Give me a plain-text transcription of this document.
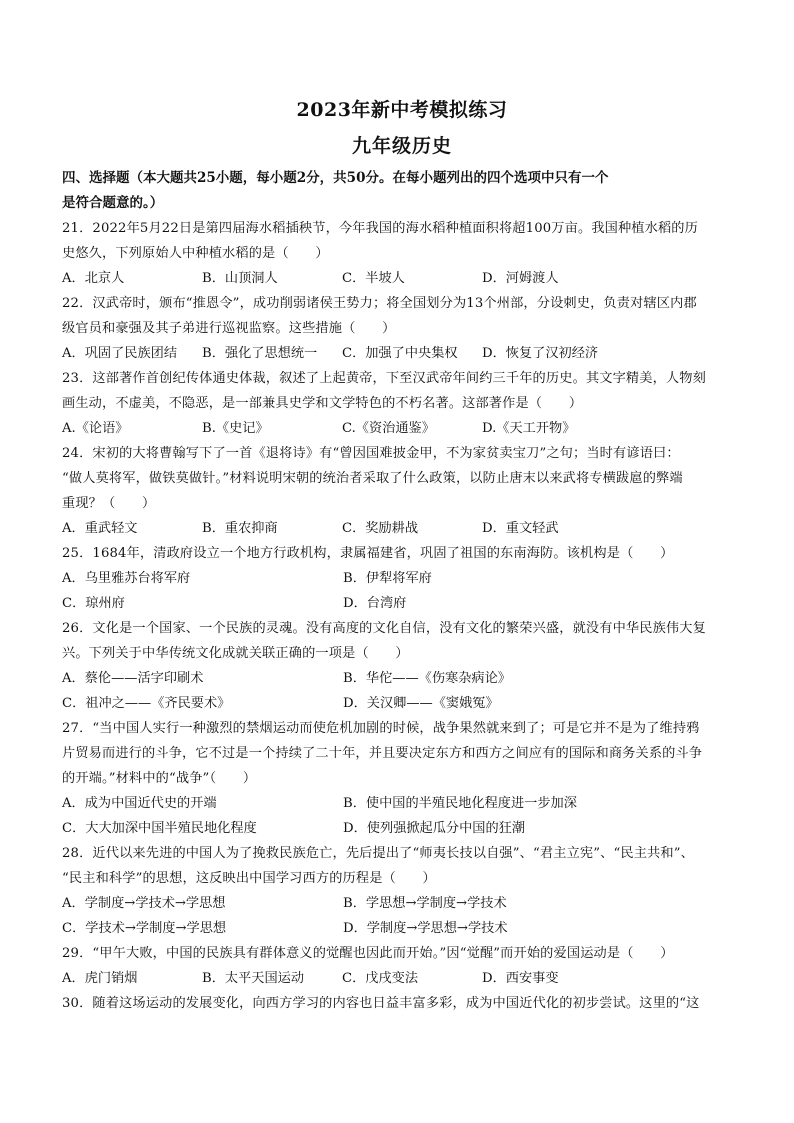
2023年新中考模拟练习
九年级历史
四、选择题（本大题共25小题，每小题2分，共50分。在每小题列出的四个选项中只有一个
是符合题意的。）
21．2022年5月22日是第四届海水稻插秧节，今年我国的海水稻种植面积将超100万亩。我国种植水稻的历
史悠久，下列原始人中种植水稻的是（　　）
A．北京人	B．山顶洞人	C．半坡人	D．河姆渡人
22．汉武帝时，颁布“推恩令”，成功削弱诸侯王势力；将全国划分为13个州部，分设刺史，负责对辖区内郡
级官员和豪强及其子弟进行巡视监察。这些措施（　　）
A．巩固了民族团结	B．强化了思想统一	C．加强了中央集权	D．恢复了汉初经济
23．这部著作首创纪传体通史体裁，叙述了上起黄帝，下至汉武帝年间约三千年的历史。其文字精美，人物刻
画生动，不虚美，不隐恶，是一部兼具史学和文学特色的不朽名著。这部著作是（　　）
A.《论语》	B.《史记》	C.《资治通鉴》	D.《天工开物》
24．宋初的大将曹翰写下了一首《退将诗》有“曾因国难披金甲，不为家贫卖宝刀”之句；当时有谚语曰：
“做人莫将军，做铁莫做针。”材料说明宋朝的统治者采取了什么政策，以防止唐末以来武将专横跋扈的弊端
重现？（　　）
A．重武轻文	B．重农抑商	C．奖励耕战	D．重文轻武
25．1684年，清政府设立一个地方行政机构，隶属福建省，巩固了祖国的东南海防。该机构是（　　）
A．乌里雅苏台将军府	B．伊犁将军府
C．琼州府	D．台湾府
26．文化是一个国家、一个民族的灵魂。没有高度的文化自信，没有文化的繁荣兴盛，就没有中华民族伟大复
兴。下列关于中华传统文化成就关联正确的一项是（　　）
A．蔡伦——活字印刷术	B．华佗——《伤寒杂病论》
C．祖冲之——《齐民要术》	D．关汉卿——《窦娥冤》
27．“当中国人实行一种激烈的禁烟运动而使危机加剧的时候，战争果然就来到了；可是它并不是为了维持鸦
片贸易而进行的斗争，它不过是一个持续了二十年，并且要决定东方和西方之间应有的国际和商务关系的斗争
的开端。”材料中的“战争”（　　）
A．成为中国近代史的开端	B．使中国的半殖民地化程度进一步加深
C．大大加深中国半殖民地化程度	D．使列强掀起瓜分中国的狂潮
28．近代以来先进的中国人为了挽救民族危亡，先后提出了“师夷长技以自强”、“君主立宪”、“民主共和”、
“民主和科学”的思想，这反映出中国学习西方的历程是（　　）
A．学制度→学技术→学思想	B．学思想→学制度→学技术
C．学技术→学制度→学思想	D．学制度→学思想→学技术
29．“甲午大败，中国的民族具有群体意义的觉醒也因此而开始。”因“觉醒”而开始的爱国运动是（　　）
A．虎门销烟	B．太平天国运动	C．戊戌变法	D．西安事变
30．随着这场运动的发展变化，向西方学习的内容也日益丰富多彩，成为中国近代化的初步尝试。这里的“这
